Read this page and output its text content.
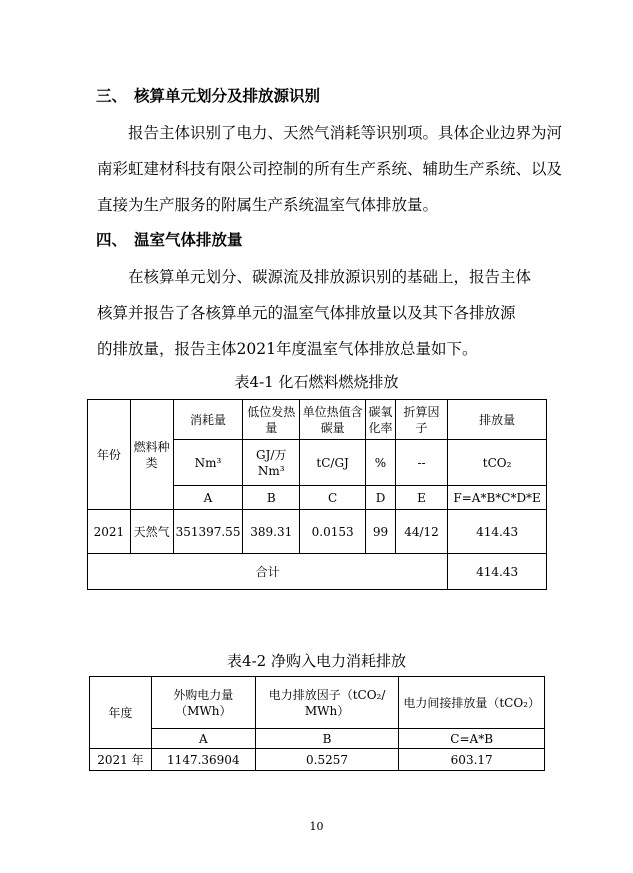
三、 核算单元划分及排放源识别
报告主体识别了电力、天然气消耗等识别项。具体企业边界为河
南彩虹建材科技有限公司控制的所有生产系统、辅助生产系统、以及
直接为生产服务的附属生产系统温室气体排放量。
四、 温室气体排放量
在核算单元划分、碳源流及排放源识别的基础上，报告主体
核算并报告了各核算单元的温室气体排放量以及其下各排放源
的排放量，报告主体2021年度温室气体排放总量如下。
表4-1 化石燃料燃烧排放
年份	燃料种类	消耗量	低位发热量	单位热值含碳量	碳氧化率	折算因子	排放量
		Nm³	GJ/万Nm³	tC/GJ	%	--	tCO₂
		A	B	C	D	E	F=A*B*C*D*E
2021	天然气	351397.55	389.31	0.0153	99	44/12	414.43
合计							414.43
表4-2 净购入电力消耗排放
年度	外购电力量（MWh）	电力排放因子（tCO₂/ MWh）	电力间接排放量（tCO₂）
	A	B	C=A*B
2021 年	1147.36904	0.5257	603.17
10
